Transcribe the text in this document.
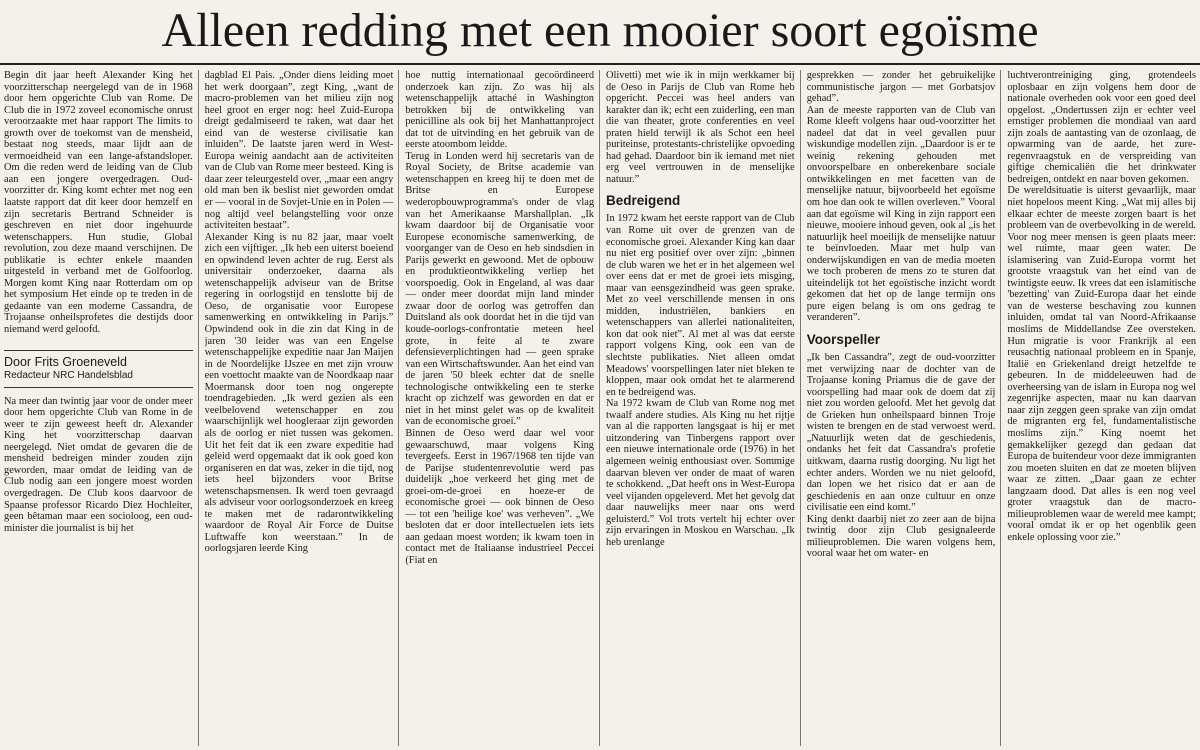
Alleen redding met een mooier soort egoïsme

Begin dit jaar heeft Alexander King het voorzitterschap neergelegd van de in 1968 door hem opgerichte Club van Rome. De Club die in 1972 zoveel economische onrust veroorzaakte met haar rapport The limits to growth over de toekomst van de mensheid, bestaat nog steeds, maar lijdt aan de vermoeidheid van een lange-afstandsloper. Om die reden werd de leiding van de Club aan een jongere overgedragen. Oud-voorzitter dr. King komt echter met nog een laatste rapport dat dit keer door hemzelf en zijn secretaris Bertrand Schneider is geschreven en niet door ingehuurde wetenschappers. Hun studie, Global revolution, zou deze maand verschijnen. De publikatie is echter enkele maanden uitgesteld in verband met de Golfoorlog. Morgen komt King naar Rotterdam om op het symposium Het einde op te treden in de gedaante van een moderne Cassandra, de Trojaanse onheilsprofetes die destijds door niemand werd geloofd.

Door Frits Groeneveld
Redacteur NRC Handelsblad

Na meer dan twintig jaar voor de onder meer door hem opgerichte Club van Rome in de weer te zijn geweest heeft dr. Alexander King het voorzitterschap daarvan neergelegd. Niet omdat de gevaren die de mensheid bedreigen minder zouden zijn geworden, maar omdat de leiding van de Club nodig aan een jongere moest worden overgedragen. De Club koos daarvoor de Spaanse professor Ricardo Diez Hochleiter, geen bêtaman maar een socioloog, een oud-minister die journalist is bij het

dagblad El Pais. „Onder diens leiding moet het werk doorgaan”, zegt King, „want de macro-problemen van het milieu zijn nog heel groot en erger nog: heel Zuid-Europa dreigt gedalmiseerd te raken, wat daar het eind van de westerse civilisatie kan inluiden”. De laatste jaren werd in West-Europa weinig aandacht aan de activiteiten van de Club van Rome meer besteed. King is daar zeer teleurgesteld over, „maar een angry old man ben ik beslist niet geworden omdat er — vooral in de Sovjet-Unie en in Polen — nog altijd veel belangstelling voor onze activiteiten bestaat”.

Alexander King is nu 82 jaar, maar voelt zich een vijftiger. „Ik heb een uiterst boeiend en opwindend leven achter de rug. Eerst als universitair onderzoeker, daarna als wetenschappelijk adviseur van de Britse regering in oorlogstijd en tenslotte bij de Oeso, de organisatie voor Europese samenwerking en ontwikkeling in Parijs.” Opwindend ook in die zin dat King in de jaren '30 leider was van een Engelse wetenschappelijke expeditie naar Jan Maijen in de Noordelijke IJszee en met zijn vrouw een voettocht maakte van de Noordkaap naar Moermansk door toen nog ongerepte toendragebieden. „Ik werd gezien als een veelbelovend wetenschapper en zou waarschijnlijk wel hoogleraar zijn geworden als de oorlog er niet tussen was gekomen. Uit het feit dat ik een zware expeditie had geleid werd opgemaakt dat ik ook goed kon organiseren en dat was, zeker in die tijd, nog iets heel bijzonders voor Britse wetenschapsmensen. Ik werd toen gevraagd als adviseur voor oorlogsonderzoek en kreeg te maken met de radarontwikkeling waardoor de Royal Air Force de Duitse Luftwaffe kon weerstaan.” In de oorlogsjaren leerde King

hoe nuttig internationaal gecoördineerd onderzoek kan zijn. Zo was hij als wetenschappelijk attaché in Washington betrokken bij de ontwikkeling van penicilline als ook bij het Manhattanproject dat tot de uitvinding en het gebruik van de eerste atoombom leidde.

Terug in Londen werd hij secretaris van de Royal Society, de Britse academie van wetenschappen en kreeg hij te doen met de Britse en Europese wederopbouwprogramma's onder de vlag van het Amerikaanse Marshallplan. „Ik kwam daardoor bij de Organisatie voor Europese economische samenwerking, de voorganger van de Oeso en heb sindsdien in Parijs gewerkt en gewoond. Met de opbouw en produktieontwikkeling verliep het voorspoedig. Ook in Engeland, al was daar — onder meer doordat mijn land minder zwaar door de oorlog was getroffen dan Duitsland als ook doordat het in die tijd van koude-oorlogs-confrontatie meteen heel grote, in feite al te zware defensieverplichtingen had — geen sprake van een Wirtschaftswunder. Aan het eind van de jaren '50 bleek echter dat de snelle technologische ontwikkeling een te sterke kracht op zichzelf was geworden en dat er niet in het minst gelet was op de kwaliteit van de economische groei.”

Binnen de Oeso werd daar wel voor gewaarschuwd, maar volgens King tevergeefs. Eerst in 1967/1968 ten tijde van de Parijse studentenrevolutie werd pas duidelijk „hoe verkeerd het ging met de groei-om-de-groei en hoeze-er de economische groei — ook binnen de Oeso — tot een 'heilige koe' was verheven”. „We besloten dat er door intellectuelen iets iets aan gedaan moest worden; ik kwam toen in contact met de Italiaanse industrieel Peccei (Fiat en

Olivetti) met wie ik in mijn werkkamer bij de Oeso in Parijs de Club van Rome heb opgericht. Peccei was heel anders van karakter dan ik; echt een zuiderling, een man die van theater, grote conferenties en veel praten hield terwijl ik als Schot een heel puriteinse, protestants-christelijke opvoeding had gehad. Daardoor bin ik iemand met niet erg veel vertrouwen in de menselijke natuur.”

Bedreigend

In 1972 kwam het eerste rapport van de Club van Rome uit over de grenzen van de economische groei. Alexander King kan daar nu niet erg positief over over zijn: „binnen de club waren we het er in het algemeen wel over eens dat er met de groei iets misging, maar van eensgezindheid was geen sprake. Met zo veel verschillende mensen in ons midden, industriëlen, bankiers en wetenschappers van allerlei nationaliteiten, kon dat ook niet”. Al met al was dat eerste rapport volgens King, ook een van de slechtste publikaties. Niet alleen omdat Meadows' voorspellingen later niet bleken te kloppen, maar ook omdat het te alarmerend en te bedreigend was.

Na 1972 kwam de Club van Rome nog met twaalf andere studies. Als King nu het rijtje van al die rapporten langsgaat is hij er met uitzondering van Tinbergens rapport over een nieuwe internationale orde (1976) in het algemeen weinig enthousiast over. Sommige daarvan bleven ver onder de maat of waren te schokkend. „Dat heeft ons in West-Europa veel vijanden opgeleverd. Met het gevolg dat daar nauwelijks meer naar ons werd geluisterd.” Vol trots vertelt hij echter over zijn ervaringen in Moskou en Warschau. „Ik heb urenlange

gesprekken — zonder het gebruikelijke communistische jargon — met Gorbatsjov gehad”.

Aan de meeste rapporten van de Club van Rome kleeft volgens haar oud-voorzitter het nadeel dat dat in veel gevallen puur wiskundige modellen zijn. „Daardoor is er te weinig rekening gehouden met onvoorspelbare en onberekenbare sociale ontwikkelingen en met facetten van de menselijke natuur, bijvoorbeeld het egoïsme om hoe dan ook te willen overleven.” Vooral aan dat egoïsme wil King in zijn rapport een nieuwe, mooiere inhoud geven, ook al „is het natuurlijk heel moeilijk de menselijke natuur te beïnvloeden. Maar met hulp van onderwijskundigen en van de media moeten we toch proberen de mens zo te sturen dat uiteindelijk tot het egoïstische inzicht wordt gekomen dat het op de lange termijn ons pure eigen belang is om ons gedrag te veranderen”.

Voorspeller

„Ik ben Cassandra”, zegt de oud-voorzitter met verwijzing naar de dochter van de Trojaanse koning Priamus die de gave der voorspelling had maar ook de doem dat zij niet zou worden geloofd. Met het gevolg dat de Grieken hun onheilspaard binnen Troje wisten te brengen en de stad verwoest werd. „Natuurlijk weten dat de geschiedenis, ondanks het feit dat Cassandra's profetie uitkwam, daarna rustig doorging. Nu ligt het echter anders. Worden we nu niet geloofd, dan lopen we het risico dat er aan de geschiedenis en aan onze cultuur en onze civilisatie een eind komt.”

King denkt daarbij niet zo zeer aan de bijna twintig door zijn Club gesignaleerde milieuproblemen. Die waren volgens hem, vooral waar het om water- en

luchtverontreiniging ging, grotendeels oplosbaar en zijn volgens hem door de nationale overheden ook voor een goed deel opgelost. „Ondertussen zijn er echter veel ernstiger problemen die mondiaal van aard zijn zoals de aantasting van de ozonlaag, de opwarming van de aarde, het zure-regenvraagstuk en de verspreiding van giftige chemicaliën die het drinkwater bedreigen, ontdekt en naar boven gekomen.

De wereldsituatie is uiterst gevaarlijk, maar niet hopeloos meent King. „Wat mij alles bij elkaar echter de meeste zorgen baart is het probleem van de overbevolking in de wereld. Voor nog meer mensen is geen plaats meer: wel ruimte, maar geen water. De islamisering van Zuid-Europa vormt het grootste vraagstuk van het eind van de twintigste eeuw. Ik vrees dat een islamitische 'bezetting' van Zuid-Europa daar het einde van de westerse beschaving zou kunnen inluiden, omdat tal van Noord-Afrikaanse moslims de Middellandse Zee oversteken. Hun migratie is voor Frankrijk al een reusachtig nationaal probleem en in Spanje, Italië en Griekenland dreigt hetzelfde te gebeuren. In de middeleeuwen had de overheersing van de islam in Europa nog wel zegenrijke aspecten, maar nu kan daarvan naar zijn zeggen geen sprake van zijn omdat de migranten erg fel, fundamentalistische moslims zijn.” King noemt het gemakkelijker gezegd dan gedaan dat Europa de buitendeur voor deze immigranten zou moeten sluiten en dat ze moeten blijven waar ze zitten. „Daar gaan ze echter langzaam dood. Dat alles is een nog veel groter vraagstuk dan de macro-milieuproblemen waar de wereld mee kampt; vooral omdat ik er op het ogenblik geen enkele oplossing voor zie.”
